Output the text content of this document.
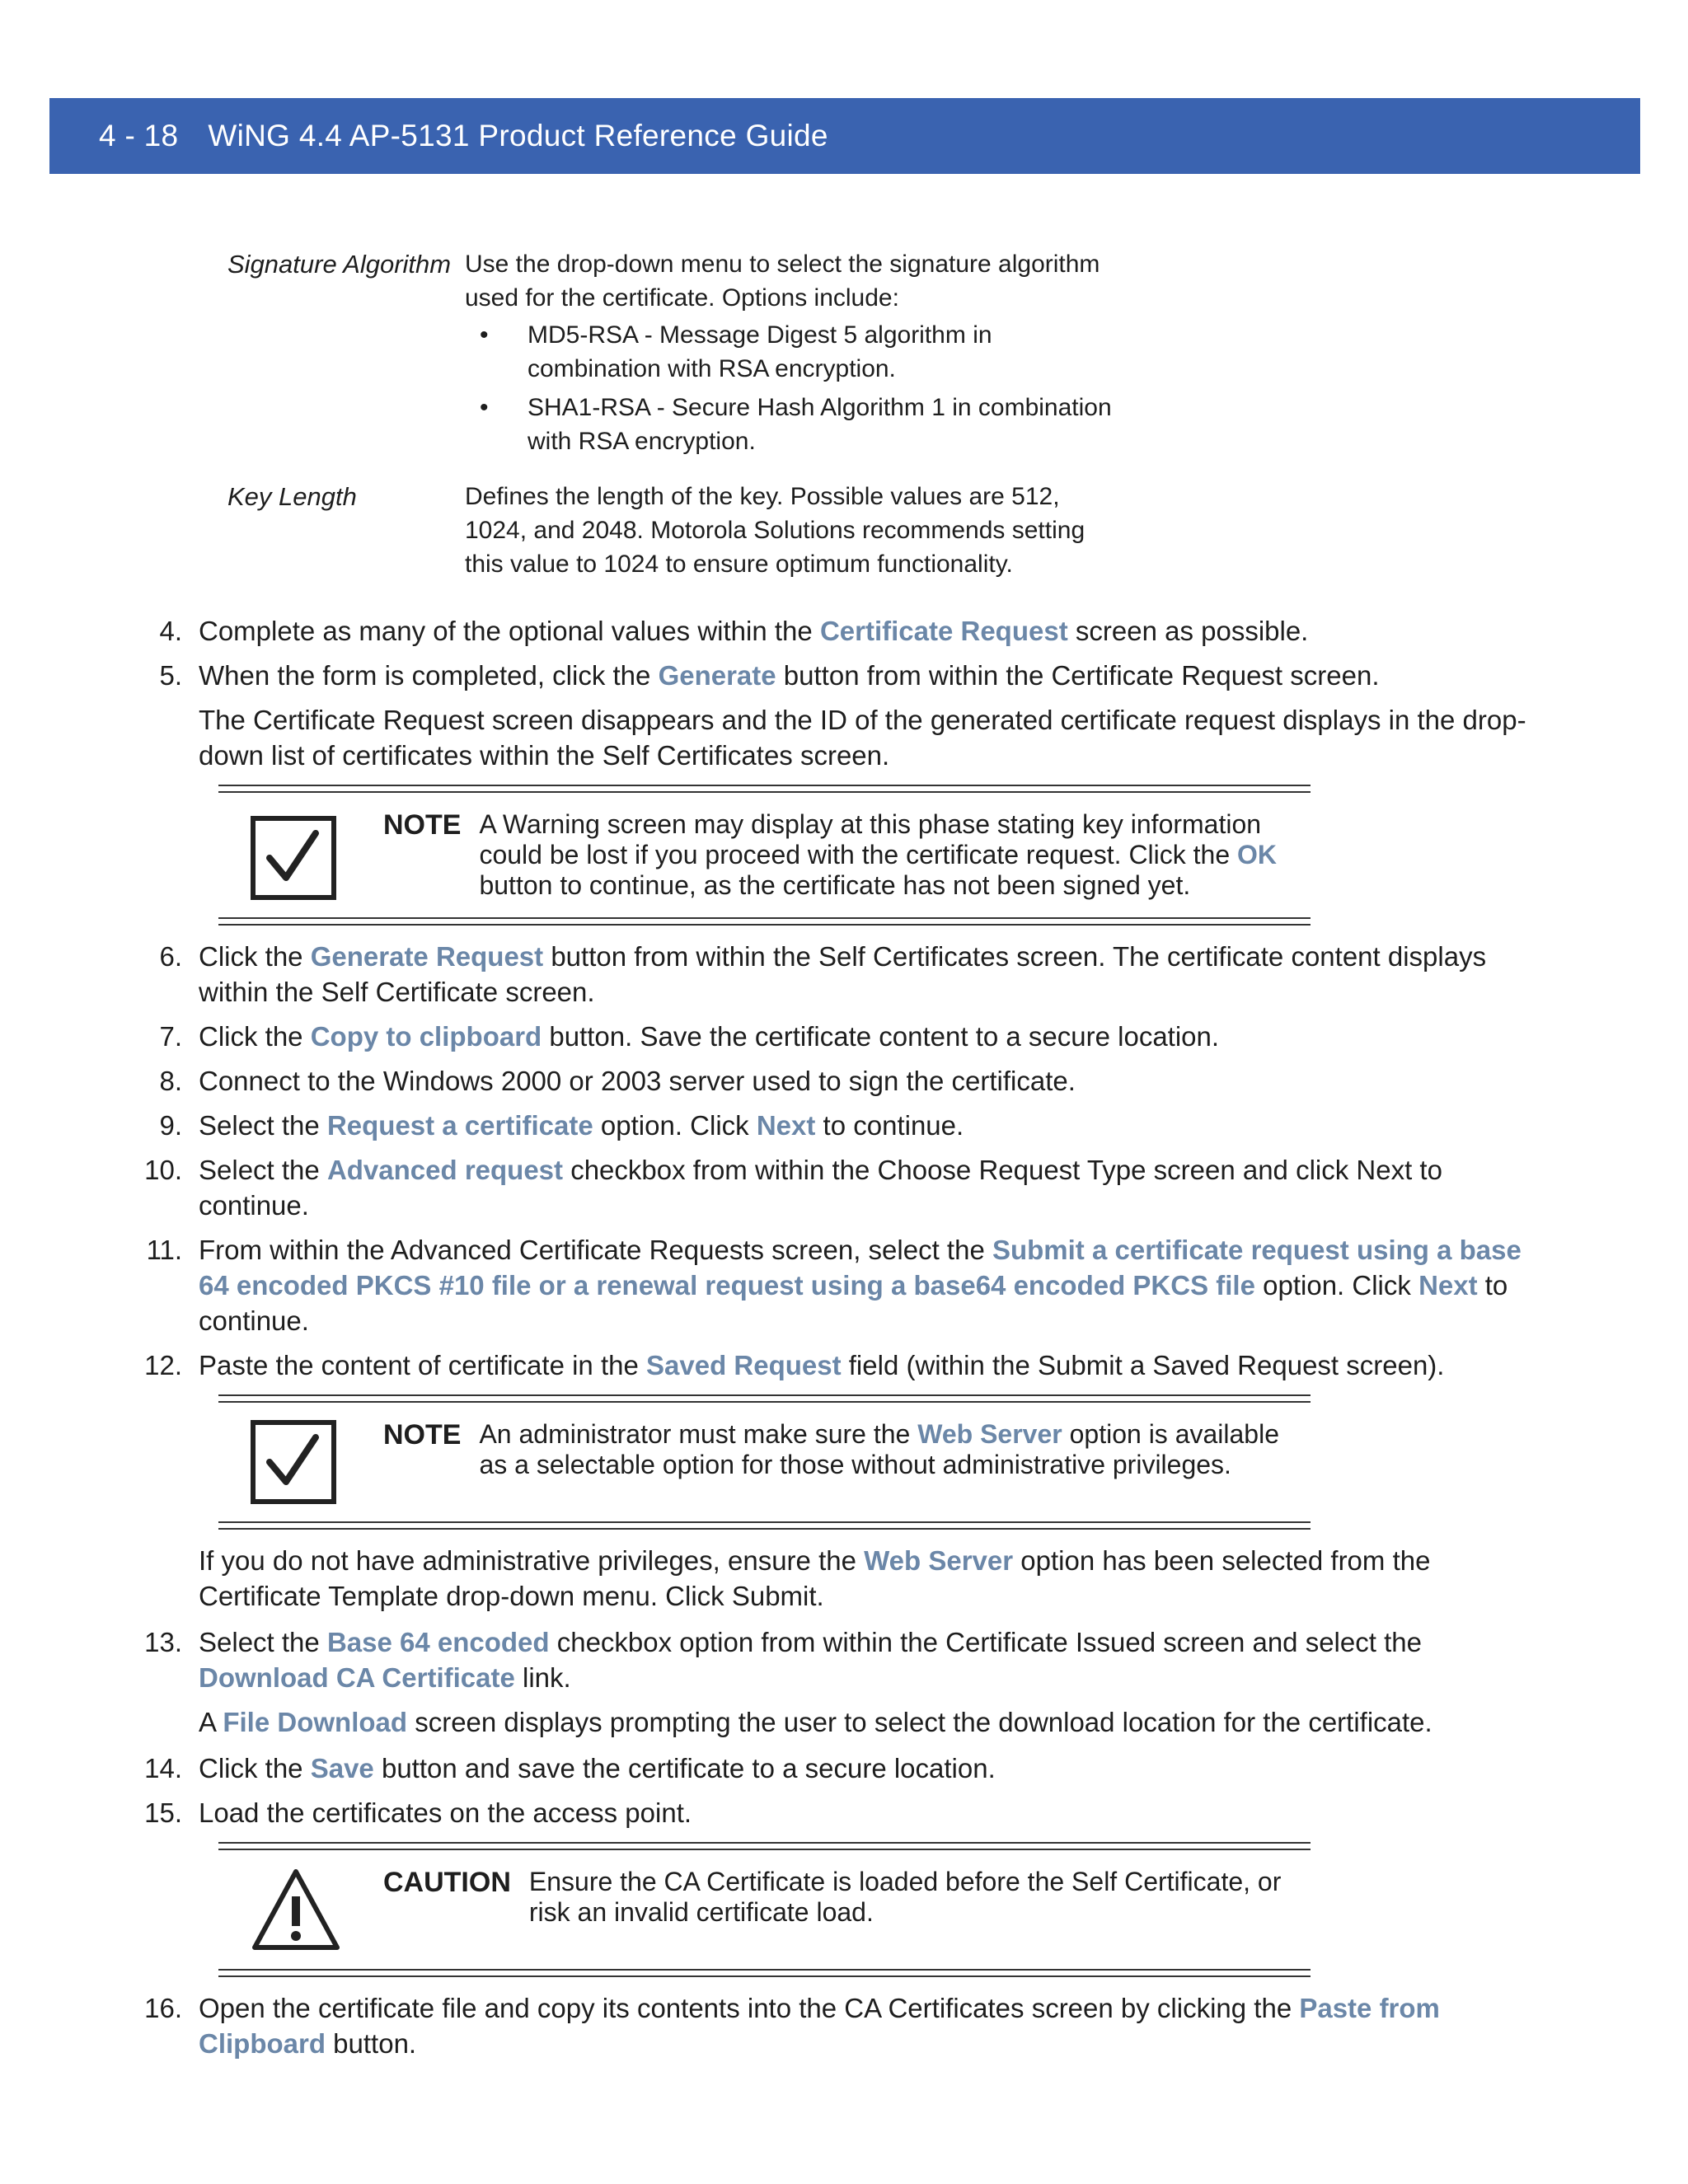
4 - 18 WiNG 4.4 AP-5131 Product Reference Guide
Signature Algorithm Use the drop-down menu to select the signature algorithm used for the certificate. Options include:
• MD5-RSA - Message Digest 5 algorithm in combination with RSA encryption.
• SHA1-RSA - Secure Hash Algorithm 1 in combination with RSA encryption.
Key Length	Defines the length of the key. Possible values are 512, 1024, and 2048. Motorola Solutions recommends setting this value to 1024 to ensure optimum functionality.
4. Complete as many of the optional values within the Certificate Request screen as possible.
5. When the form is completed, click the Generate button from within the Certificate Request screen.
The Certificate Request screen disappears and the ID of the generated certificate request displays in the drop-down list of certificates within the Self Certificates screen.
NOTE A Warning screen may display at this phase stating key information could be lost if you proceed with the certificate request. Click the OK button to continue, as the certificate has not been signed yet.
6. Click the Generate Request button from within the Self Certificates screen. The certificate content displays within the Self Certificate screen.
7. Click the Copy to clipboard button. Save the certificate content to a secure location.
8. Connect to the Windows 2000 or 2003 server used to sign the certificate.
9. Select the Request a certificate option. Click Next to continue.
10. Select the Advanced request checkbox from within the Choose Request Type screen and click Next to continue.
11. From within the Advanced Certificate Requests screen, select the Submit a certificate request using a base 64 encoded PKCS #10 file or a renewal request using a base64 encoded PKCS file option. Click Next to continue.
12. Paste the content of certificate in the Saved Request field (within the Submit a Saved Request screen).
NOTE An administrator must make sure the Web Server option is available as a selectable option for those without administrative privileges.
If you do not have administrative privileges, ensure the Web Server option has been selected from the Certificate Template drop-down menu. Click Submit.
13. Select the Base 64 encoded checkbox option from within the Certificate Issued screen and select the Download CA Certificate link.
A File Download screen displays prompting the user to select the download location for the certificate.
14. Click the Save button and save the certificate to a secure location.
15. Load the certificates on the access point.
CAUTION Ensure the CA Certificate is loaded before the Self Certificate, or risk an invalid certificate load.
16. Open the certificate file and copy its contents into the CA Certificates screen by clicking the Paste from Clipboard button.
